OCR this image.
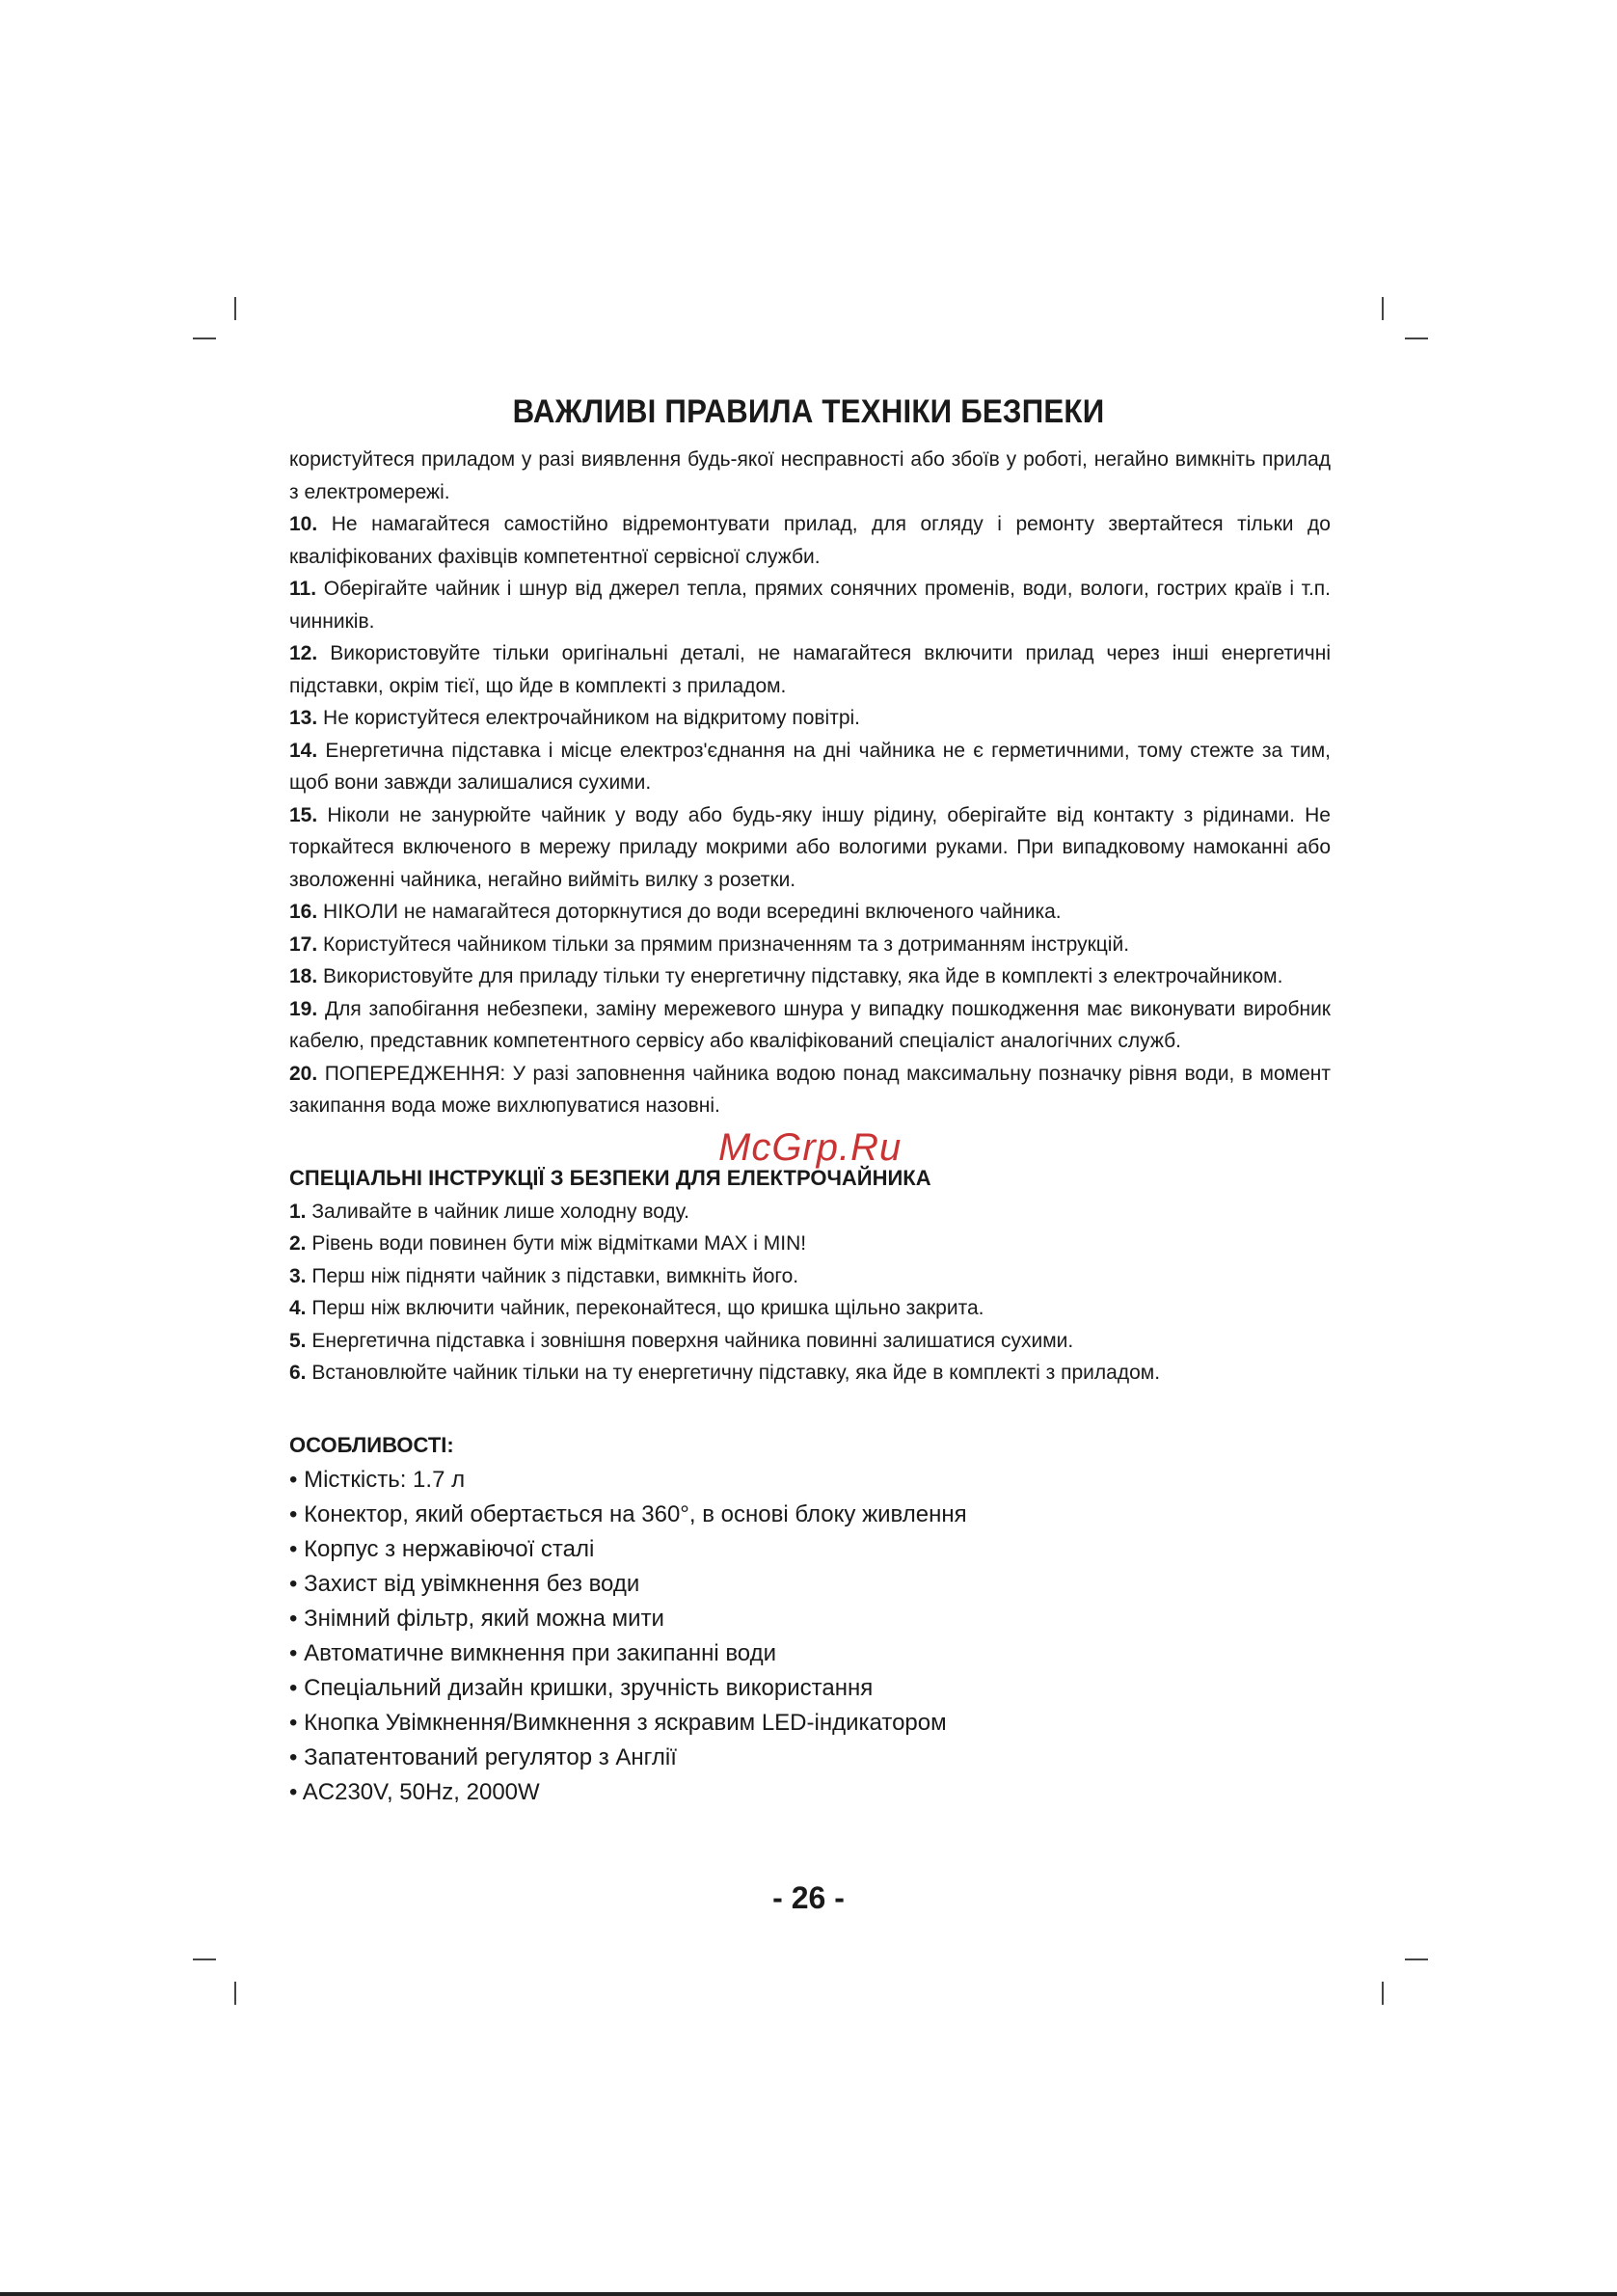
ВАЖЛИВІ ПРАВИЛА ТЕХНІКИ БЕЗПЕКИ

користуйтеся приладом у разі виявлення будь-якої несправності або збоїв у роботі, негайно вимкніть прилад з електромережі.

10. Не намагайтеся самостійно відремонтувати прилад, для огляду і ремонту звертайтеся тільки до кваліфікованих фахівців компетентної сервісної служби.

11. Оберігайте чайник і шнур від джерел тепла, прямих сонячних променів, води, вологи, гострих країв і т.п. чинників.

12. Використовуйте тільки оригінальні деталі, не намагайтеся включити прилад через інші енергетичні підставки, окрім тієї, що йде в комплекті з приладом.

13. Не користуйтеся електрочайником на відкритому повітрі.

14. Енергетична підставка і місце електроз'єднання на дні чайника не є герметичними, тому стежте за тим, щоб вони завжди залишалися сухими.

15. Ніколи не занурюйте чайник у воду або будь-яку іншу рідину, оберігайте від контакту з рідинами. Не торкайтеся включеного в мережу приладу мокрими або вологими руками. При випадковому намоканні або зволоженні чайника, негайно вийміть вилку з розетки.

16. НІКОЛИ не намагайтеся доторкнутися до води всередині включеного чайника.

17. Користуйтеся чайником тільки за прямим призначенням та з дотриманням інструкцій.

18. Використовуйте для приладу тільки ту енергетичну підставку, яка йде в комплекті з електрочайником.

19. Для запобігання небезпеки, заміну мережевого шнура у випадку пошкодження має виконувати виробник кабелю, представник компетентного сервісу або кваліфікований спеціаліст аналогічних служб.

20. ПОПЕРЕДЖЕННЯ: У разі заповнення чайника водою понад максимальну позначку рівня води, в момент закипання вода може вихлюпуватися назовні.

СПЕЦІАЛЬНІ ІНСТРУКЦІЇ З БЕЗПЕКИ ДЛЯ ЕЛЕКТРОЧАЙНИКА

1. Заливайте в чайник лише холодну воду.

2. Рівень води повинен бути між відмітками MAX і MIN!

3. Перш ніж підняти чайник з підставки, вимкніть його.

4. Перш ніж включити чайник, переконайтеся, що кришка щільно закрита.

5. Енергетична підставка і зовнішня поверхня чайника повинні залишатися сухими.

6. Встановлюйте чайник тільки на ту енергетичну підставку, яка йде в комплекті з приладом.

ОСОБЛИВОСТІ:
• Місткість: 1.7 л
• Конектор, який обертається на 360°, в основі блоку живлення
• Корпус з нержавіючої сталі
• Захист від увімкнення без води
• Знімний фільтр, який можна мити
• Автоматичне вимкнення при закипанні води
• Спеціальний дизайн кришки, зручність використання
• Кнопка Увімкнення/Вимкнення з яскравим LED-індикатором
• Запатентований регулятор з Англії
• AC230V, 50Hz, 2000W
McGrp.Ru
- 26 -
